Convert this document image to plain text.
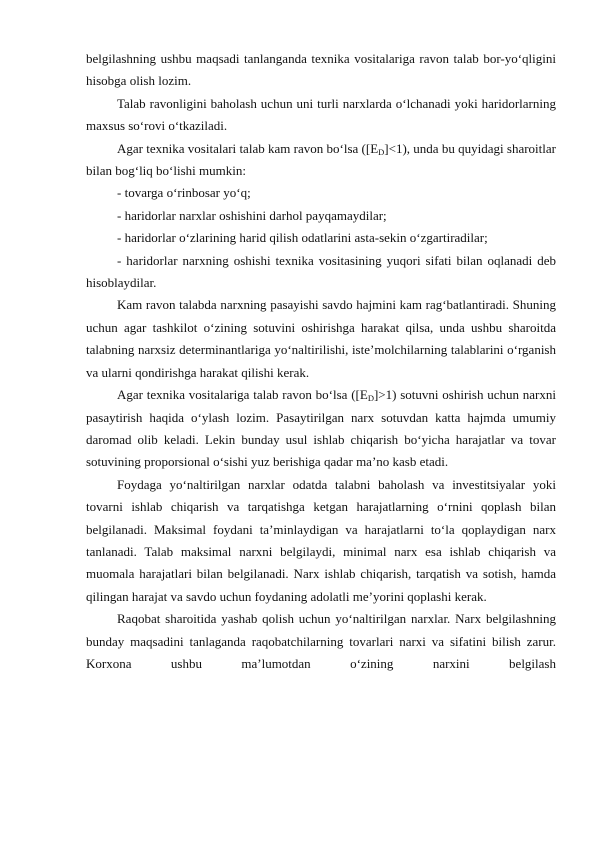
belgilashning ushbu maqsadi tanlanganda texnika vositalariga ravon talab bor-yo‘qligini hisobga olish lozim.

Talab ravonligini baholash uchun uni turli narxlarda o‘lchanadi yoki haridorlarning maxsus so‘rovi o‘tkaziladi.

Agar texnika vositalari talab kam ravon bo‘lsa $([E_D]<1)$, unda bu quyidagi sharoitlar bilan bog‘liq bo‘lishi mumkin:

- tovarga o‘rinbosar yo‘q;

- haridorlar narxlar oshishini darhol payqamaydilar;

- haridorlar o‘zlarining harid qilish odatlarini asta-sekin o‘zgartiradilar;

- haridorlar narxning oshishi texnika vositasining yuqori sifati bilan oqlanadi deb hisoblaydilar.

Kam ravon talabda narxning pasayishi savdo hajmini kam rag‘batlantiradi. Shuning uchun agar tashkilot o‘zining sotuvini oshirishga harakat qilsa, unda ushbu sharoitda talabning narxsiz determinantlariga yo‘naltirilishi, iste’molchilarning talablarini o‘rganish va ularni qondirishga harakat qilishi kerak.

Agar texnika vositalariga talab ravon bo‘lsa $([E_D]>1)$ sotuvni oshirish uchun narxni pasaytirish haqida o‘ylash lozim. Pasaytirilgan narx sotuvdan katta hajmda umumiy daromad olib keladi. Lekin bunday usul ishlab chiqarish bo‘yicha harajatlar va tovar sotuvining proporsional o‘sishi yuz berishiga qadar ma’no kasb etadi.

Foydaga yo‘naltirilgan narxlar odatda talabni baholash va investitsiyalar yoki tovarni ishlab chiqarish va tarqatishga ketgan harajatlarning o‘rnini qoplash bilan belgilanadi. Maksimal foydani ta’minlaydigan va harajatlarni to‘la qoplaydigan narx tanlanadi. Talab maksimal narxni belgilaydi, minimal narx esa ishlab chiqarish va muomala harajatlari bilan belgilanadi. Narx ishlab chiqarish, tarqatish va sotish, hamda qilingan harajat va savdo uchun foydaning adolatli me’yorini qoplashi kerak.

Raqobat sharoitida yashab qolish uchun yo‘naltirilgan narxlar. Narx belgilashning bunday maqsadini tanlaganda raqobatchilarning tovarlari narxi va sifatini bilish zarur. Korxona ushbu ma’lumotdan o‘zining narxini belgilash
